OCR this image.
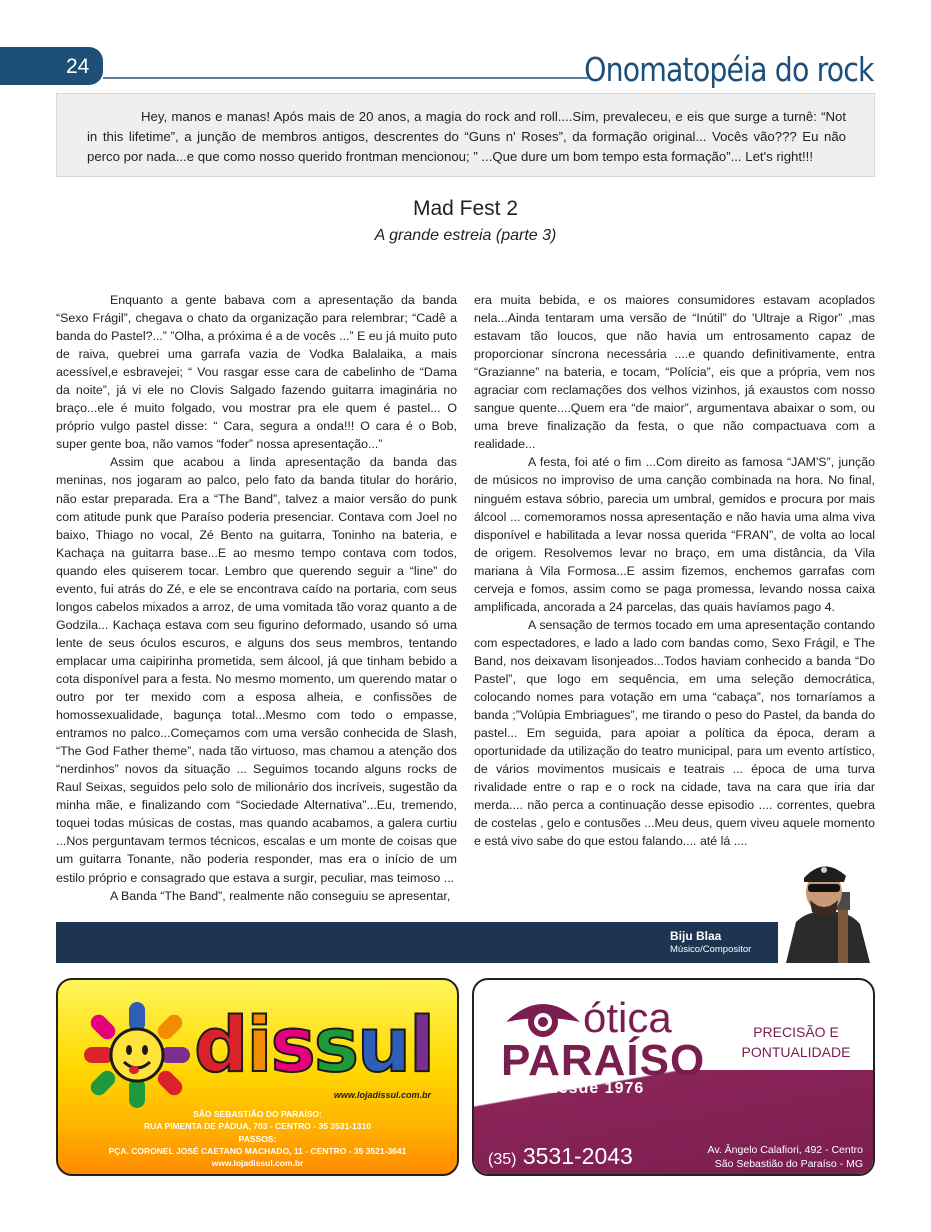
24	Onomatopéia do rock

Hey, manos e manas! Após mais de 20 anos, a magia do rock and roll....Sim, prevaleceu, e eis que surge a turnê: “Not in this lifetime”, a junção de membros antigos, descrentes do “Guns n' Roses”, da formação original... Vocês vão??? Eu não perco por nada...e que como nosso querido frontman mencionou; ” ...Que dure um bom tempo esta formação”... Let's right!!!

Mad Fest 2
A grande estreia (parte 3)

Enquanto a gente babava com a apresentação da banda “Sexo Frágil”, chegava o chato da organização para relembrar; “Cadê a banda do Pastel?...” ”Olha, a próxima é a de vocês ...” E eu já muito puto de raiva, quebrei uma garrafa vazia de Vodka Balalaika, a mais acessível,e esbravejei; “ Vou rasgar esse cara de cabelinho de “Dama da noite”, já vi ele no Clovis Salgado fazendo guitarra imaginária no braço...ele é muito folgado, vou mostrar pra ele quem é pastel... O próprio vulgo pastel disse: “ Cara, segura a onda!!! O cara é o Bob, super gente boa, não vamos “foder” nossa apresentação...”

Assim que acabou a linda apresentação da banda das meninas, nos jogaram ao palco, pelo fato da banda titular do horário, não estar preparada. Era a “The Band”, talvez a maior versão do punk com atitude punk que Paraíso poderia presenciar. Contava com Joel no baixo, Thiago no vocal, Zé Bento na guitarra, Toninho na bateria, e Kachaça na guitarra base...E ao mesmo tempo contava com todos, quando eles quiserem tocar. Lembro que querendo seguir a “line” do evento, fui atrás do Zé, e ele se encontrava caído na portaria, com seus longos cabelos mixados a arroz, de uma vomitada tão voraz quanto a de Godzila... Kachaça estava com seu figurino deformado, usando só uma lente de seus óculos escuros, e alguns dos seus membros, tentando emplacar uma caipirinha prometida, sem álcool, já que tinham bebido a cota disponível para a festa. No mesmo momento, um querendo matar o outro por ter mexido com a esposa alheia, e confissões de homossexualidade, bagunça total...Mesmo com todo o empasse, entramos no palco...Começamos com uma versão conhecida de Slash, “The God Father theme”, nada tão virtuoso, mas chamou a atenção dos “nerdinhos” novos da situação ... Seguimos tocando alguns rocks de Raul Seixas, seguidos pelo solo de milionário dos incríveis, sugestão da minha mãe, e finalizando com “Sociedade Alternativa”...Eu, tremendo, toquei todas músicas de costas, mas quando acabamos, a galera curtiu ...Nos perguntavam termos técnicos, escalas e um monte de coisas que um guitarra Tonante, não poderia responder, mas era o início de um estilo próprio e consagrado que estava a surgir, peculiar, mas teimoso ...

A Banda “The Band”, realmente não conseguiu se apresentar,

era muita bebida, e os maiores consumidores estavam acoplados nela...Ainda tentaram uma versão de “Inútil” do 'Ultraje a Rigor” ,mas estavam tão loucos, que não havia um entrosamento capaz de proporcionar síncrona necessária ....e quando definitivamente, entra “Grazianne” na bateria, e tocam, “Polícia”, eis que a própria, vem nos agraciar com reclamações dos velhos vizinhos, já exaustos com nosso sangue quente....Quem era “de maior”, argumentava abaixar o som, ou uma breve finalização da festa, o que não compactuava com a realidade...

A festa, foi até o fim ...Com direito as famosa “JAM'S”, junção de músicos no improviso de uma canção combinada na hora. No final, ninguém estava sóbrio, parecia um umbral, gemidos e procura por mais álcool ... comemoramos nossa apresentação e não havia uma alma viva disponível e habilitada a levar nossa querida “FRAN”, de volta ao local de origem. Resolvemos levar no braço, em uma distância, da Vila mariana à Vila Formosa...E assim fizemos, enchemos garrafas com cerveja e fomos, assim como se paga promessa, levando nossa caixa amplificada, ancorada a 24 parcelas, das quais havíamos pago 4.

A sensação de termos tocado em uma apresentação contando com espectadores, e lado a lado com bandas como, Sexo Frágil, e The Band, nos deixavam lisonjeados...Todos haviam conhecido a banda “Do Pastel”, que logo em sequência, em uma seleção democrática, colocando nomes para votação em uma “cabaça”, nos tornaríamos a banda ;”Volúpia Embriagues”, me tirando o peso do Pastel, da banda do pastel... Em seguida, para apoiar a política da época, deram a oportunidade da utilização do teatro municipal, para um evento artístico, de vários movimentos musicais e teatrais ... época de uma turva rivalidade entre o rap e o rock na cidade, tava na cara que iria dar merda.... não perca a continuação desse episodio .... correntes, quebra de costelas , gelo e contusões ...Meu deus, quem viveu aquele momento e está vivo sabe do que estou falando.... até lá ....

Biju Blaa
Músico/Compositor
dissul
www.lojadissul.com.br
SÃO SEBASTIÃO DO PARAÍSO:
RUA PIMENTA DE PÁDUA, 703 - CENTRO - 35 3531-1310
PASSOS:
PÇA. CORONEL JOSÉ CAETANO MACHADO, 11 - CENTRO - 35 3521-3641
www.lojadissul.com.br
ótica
PARAÍSO
desde 1976
PRECISÃO E
PONTUALIDADE
(35) 3531-2043	Av. Ângelo Calafiori, 492 - Centro
São Sebastião do Paraíso - MG
